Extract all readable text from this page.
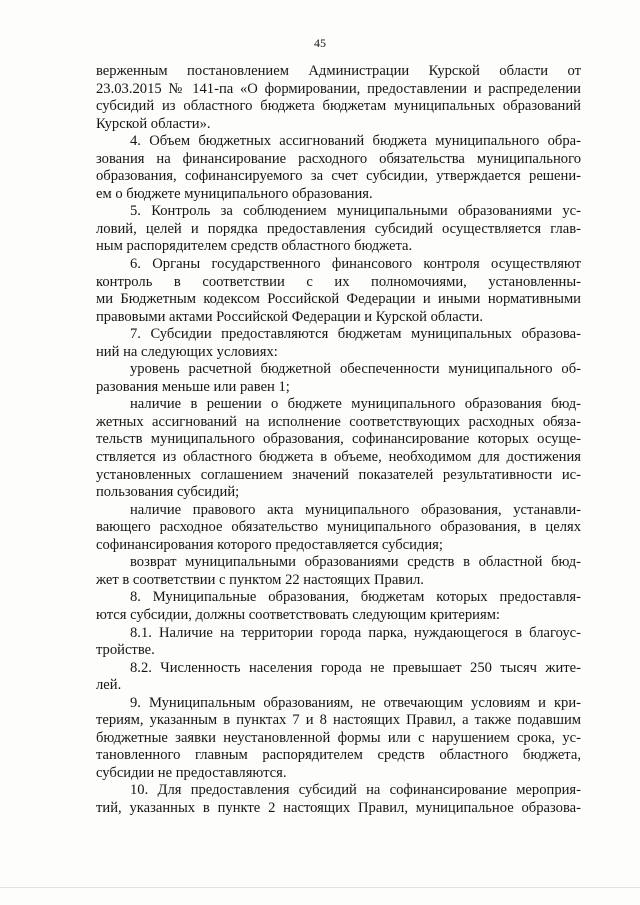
45
верженным постановлением Администрации Курской области от
23.03.2015 № 141-па «О формировании, предоставлении и распределении
субсидий из областного бюджета бюджетам муниципальных образований
Курской области».
4. Объем бюджетных ассигнований бюджета муниципального обра-
зования на финансирование расходного обязательства муниципального
образования, софинансируемого за счет субсидии, утверждается решени-
ем о бюджете муниципального образования.
5. Контроль за соблюдением муниципальными образованиями ус-
ловий, целей и порядка предоставления субсидий осуществляется глав-
ным распорядителем средств областного бюджета.
6. Органы государственного финансового контроля осуществляют
контроль в соответствии с их полномочиями, установленны-
ми Бюджетным кодексом Российской Федерации и иными нормативными
правовыми актами Российской Федерации и Курской области.
7. Субсидии предоставляются бюджетам муниципальных образова-
ний на следующих условиях:
уровень расчетной бюджетной обеспеченности муниципального об-
разования меньше или равен 1;
наличие в решении о бюджете муниципального образования бюд-
жетных ассигнований на исполнение соответствующих расходных обяза-
тельств муниципального образования, софинансирование которых осуще-
ствляется из областного бюджета в объеме, необходимом для достижения
установленных соглашением значений показателей результативности ис-
пользования субсидий;
наличие правового акта муниципального образования, устанавли-
вающего расходное обязательство муниципального образования, в целях
софинансирования которого предоставляется субсидия;
возврат муниципальными образованиями средств в областной бюд-
жет в соответствии с пунктом 22 настоящих Правил.
8. Муниципальные образования, бюджетам которых предоставля-
ются субсидии, должны соответствовать следующим критериям:
8.1. Наличие на территории города парка, нуждающегося в благоус-
тройстве.
8.2. Численность населения города не превышает 250 тысяч жите-
лей.
9. Муниципальным образованиям, не отвечающим условиям и кри-
териям, указанным в пунктах 7 и 8 настоящих Правил, а также подавшим
бюджетные заявки неустановленной формы или с нарушением срока, ус-
тановленного главным распорядителем средств областного бюджета,
субсидии не предоставляются.
10. Для предоставления субсидий на софинансирование мероприя-
тий, указанных в пункте 2 настоящих Правил, муниципальное образова-
